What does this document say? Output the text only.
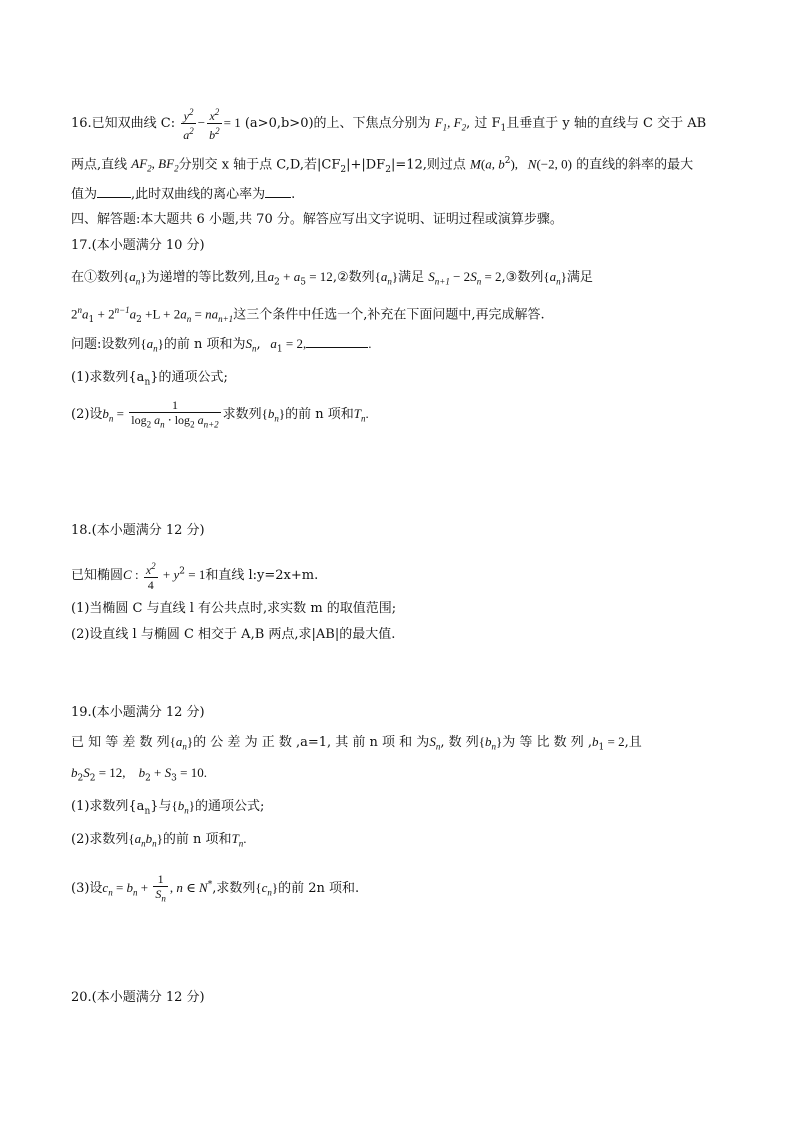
16.已知双曲线 C: $\frac{y^2}{a^2} - \frac{x^2}{b^2} = 1$ (a>0,b>0)的上、下焦点分别为 $F_1$, $F_2$, 过 $F_1$且垂直于 y 轴的直线与 C 交于 AB
两点,直线 $AF_2$, $BF_2$分别交 x 轴于点 C,D,若$|CF_2|+|DF_2|=12$,则过点 M(a, $b^2$),   N(−2, 0) 的直线的斜率的最大
值为	,此时双曲线的离心率为 .
四、解答题:本大题共 6 小题,共 70 分。解答应写出文字说明、证明过程或演算步骤。
17.(本小题满分 10 分)
在①数列$\{a_n\}$为递增的等比数列,且$a_2 + a_5$ = 12,②数列$\{a_n\}$满足 $S_{n+1} - 2S_n$ = 2,③数列$\{a_n\}$满足
$2^na_1 + 2^{n-1}a_2 +L + 2a_n = na_{n+1}$这三个条件中任选一个,补充在下面问题中,再完成解答.
问题:设数列$\{a_n\}$的前 n 项和为$S_n$, $a_1 = 2$,	.
(1)求数列$\{a_n\}$的通项公式;
(2)设$b_n = \frac{1}{\log_2 a_n \cdot \log_2 a_{n+2}}$ 求数列$\{b_n\}$的前 n 项和$T_n$.
18.(本小题满分 12 分)
已知椭圆C : $\frac{x^2}{4} + y^2 = 1$和直线 l:y=2x+m.
(1)当椭圆 C 与直线 l 有公共点时,求实数 m 的取值范围;
(2)设直线 l 与椭圆 C 相交于 A,B 两点,求|AB|的最大值.
19.(本小题满分 12 分)
已 知 等 差 数 列$\{a_n\}$的 公 差 为 正 数 ,a=1, 其 前 n 项 和 为$S_n$, 数 列$\{b_n\}$为 等 比 数 列 $,b_1 = 2$,且
$b_2S_2 = 12$,    $b_2 + S_3 = 10$.
(1)求数列$\{a_n\}$与$\{b_n\}$的通项公式;
(2)求数列$\{a_nb_n\}$的前 n 项和$T_n$.
(3)设$c_n = b_n + \frac{1}{S_n}$ , n ∈ N*,求数列$\{c_n\}$的前 2n 项和.
20.(本小题满分 12 分)
